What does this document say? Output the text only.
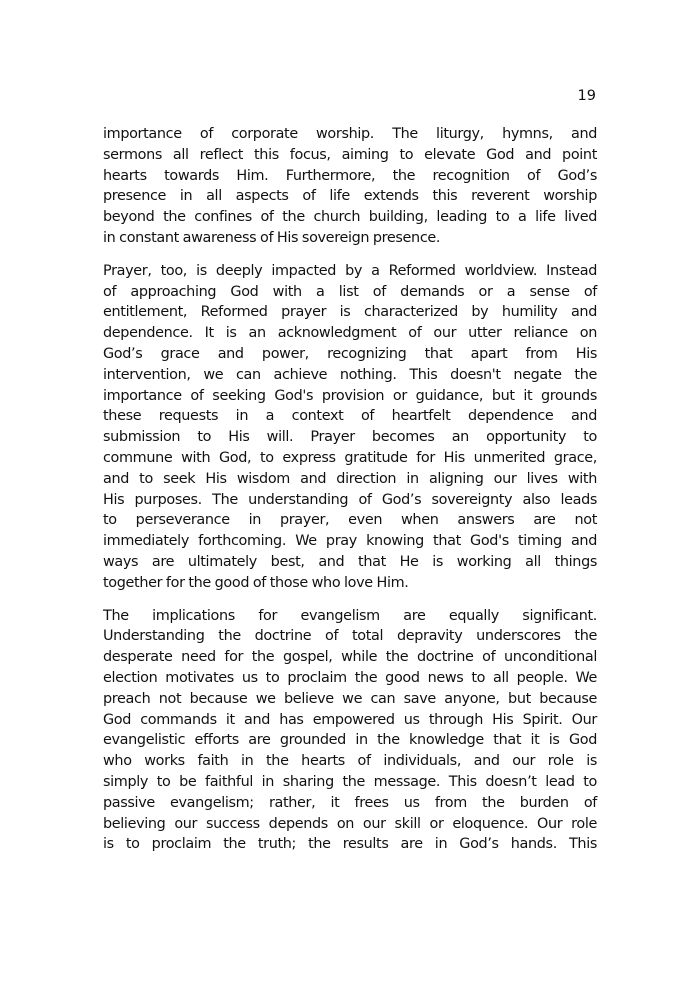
19

importance of corporate worship. The liturgy, hymns, and
sermons all reflect this focus, aiming to elevate God and point
hearts towards Him. Furthermore, the recognition of God’s
presence in all aspects of life extends this reverent worship
beyond the confines of the church building, leading to a life lived
in constant awareness of His sovereign presence.

Prayer, too, is deeply impacted by a Reformed worldview. Instead
of approaching God with a list of demands or a sense of
entitlement, Reformed prayer is characterized by humility and
dependence. It is an acknowledgment of our utter reliance on
God’s grace and power, recognizing that apart from His
intervention, we can achieve nothing. This doesn't negate the
importance of seeking God's provision or guidance, but it grounds
these requests in a context of heartfelt dependence and
submission to His will. Prayer becomes an opportunity to
commune with God, to express gratitude for His unmerited grace,
and to seek His wisdom and direction in aligning our lives with
His purposes. The understanding of God’s sovereignty also leads
to perseverance in prayer, even when answers are not
immediately forthcoming. We pray knowing that God's timing and
ways are ultimately best, and that He is working all things
together for the good of those who love Him.

The implications for evangelism are equally significant.
Understanding the doctrine of total depravity underscores the
desperate need for the gospel, while the doctrine of unconditional
election motivates us to proclaim the good news to all people. We
preach not because we believe we can save anyone, but because
God commands it and has empowered us through His Spirit. Our
evangelistic efforts are grounded in the knowledge that it is God
who works faith in the hearts of individuals, and our role is
simply to be faithful in sharing the message. This doesn’t lead to
passive evangelism; rather, it frees us from the burden of
believing our success depends on our skill or eloquence. Our role
is to proclaim the truth; the results are in God’s hands. This
